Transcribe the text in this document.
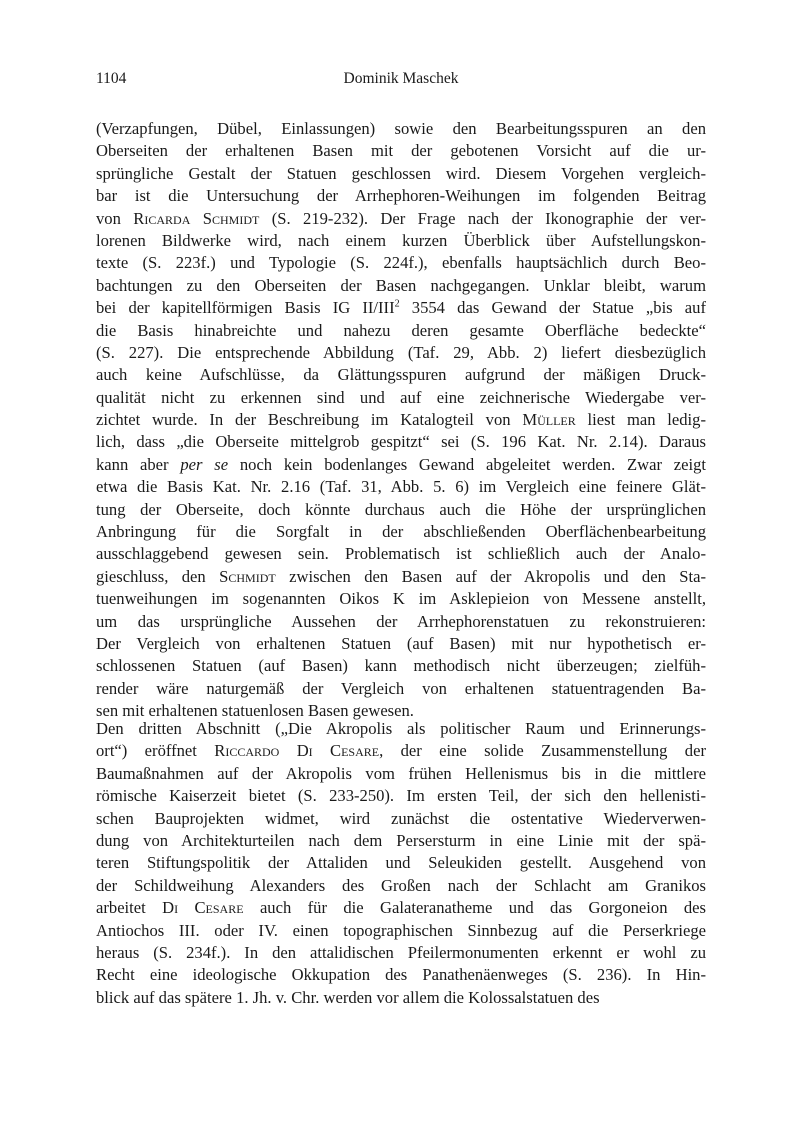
1104	Dominik Maschek
(Verzapfungen, Dübel, Einlassungen) sowie den Bearbeitungsspuren an den
Oberseiten der erhaltenen Basen mit der gebotenen Vorsicht auf die ur-
sprüngliche Gestalt der Statuen geschlossen wird. Diesem Vorgehen vergleich-
bar ist die Untersuchung der Arrhephoren-Weihungen im folgenden Beitrag
von Ricarda Schmidt (S. 219-232). Der Frage nach der Ikonographie der ver-
lorenen Bildwerke wird, nach einem kurzen Überblick über Aufstellungskon-
texte (S. 223f.) und Typologie (S. 224f.), ebenfalls hauptsächlich durch Beo-
bachtungen zu den Oberseiten der Basen nachgegangen. Unklar bleibt, warum
bei der kapitellförmigen Basis IG II/III$^2$ 3554 das Gewand der Statue „bis auf
die Basis hinabreichte und nahezu deren gesamte Oberfläche bedeckte“
(S. 227). Die entsprechende Abbildung (Taf. 29, Abb. 2) liefert diesbezüglich
auch keine Aufschlüsse, da Glättungsspuren aufgrund der mäßigen Druck-
qualität nicht zu erkennen sind und auf eine zeichnerische Wiedergabe ver-
zichtet wurde. In der Beschreibung im Katalogteil von Müller liest man ledig-
lich, dass „die Oberseite mittelgrob gespitzt“ sei (S. 196 Kat. Nr. 2.14). Daraus
kann aber per se noch kein bodenlanges Gewand abgeleitet werden. Zwar zeigt
etwa die Basis Kat. Nr. 2.16 (Taf. 31, Abb. 5. 6) im Vergleich eine feinere Glät-
tung der Oberseite, doch könnte durchaus auch die Höhe der ursprünglichen
Anbringung für die Sorgfalt in der abschließenden Oberflächenbearbeitung
ausschlaggebend gewesen sein. Problematisch ist schließlich auch der Analo-
gieschluss, den Schmidt zwischen den Basen auf der Akropolis und den Sta-
tuenweihungen im sogenannten Oikos K im Asklepieion von Messene anstellt,
um das ursprüngliche Aussehen der Arrhephorenstatuen zu rekonstruieren:
Der Vergleich von erhaltenen Statuen (auf Basen) mit nur hypothetisch er-
schlossenen Statuen (auf Basen) kann methodisch nicht überzeugen; zielfüh-
render wäre naturgemäß der Vergleich von erhaltenen statuentragenden Ba-
sen mit erhaltenen statuenlosen Basen gewesen.
Den dritten Abschnitt („Die Akropolis als politischer Raum und Erinnerungs-
ort“) eröffnet Riccardo Di Cesare, der eine solide Zusammenstellung der
Baumaßnahmen auf der Akropolis vom frühen Hellenismus bis in die mittlere
römische Kaiserzeit bietet (S. 233-250). Im ersten Teil, der sich den hellenisti-
schen Bauprojekten widmet, wird zunächst die ostentative Wiederverwen-
dung von Architekturteilen nach dem Persersturm in eine Linie mit der spä-
teren Stiftungspolitik der Attaliden und Seleukiden gestellt. Ausgehend von
der Schildweihung Alexanders des Großen nach der Schlacht am Granikos
arbeitet Di Cesare auch für die Galateranatheme und das Gorgoneion des
Antiochos III. oder IV. einen topographischen Sinnbezug auf die Perserkriege
heraus (S. 234f.). In den attalidischen Pfeilermonumenten erkennt er wohl zu
Recht eine ideologische Okkupation des Panathenäenweges (S. 236). In Hin-
blick auf das spätere 1. Jh. v. Chr. werden vor allem die Kolossalstatuen des
